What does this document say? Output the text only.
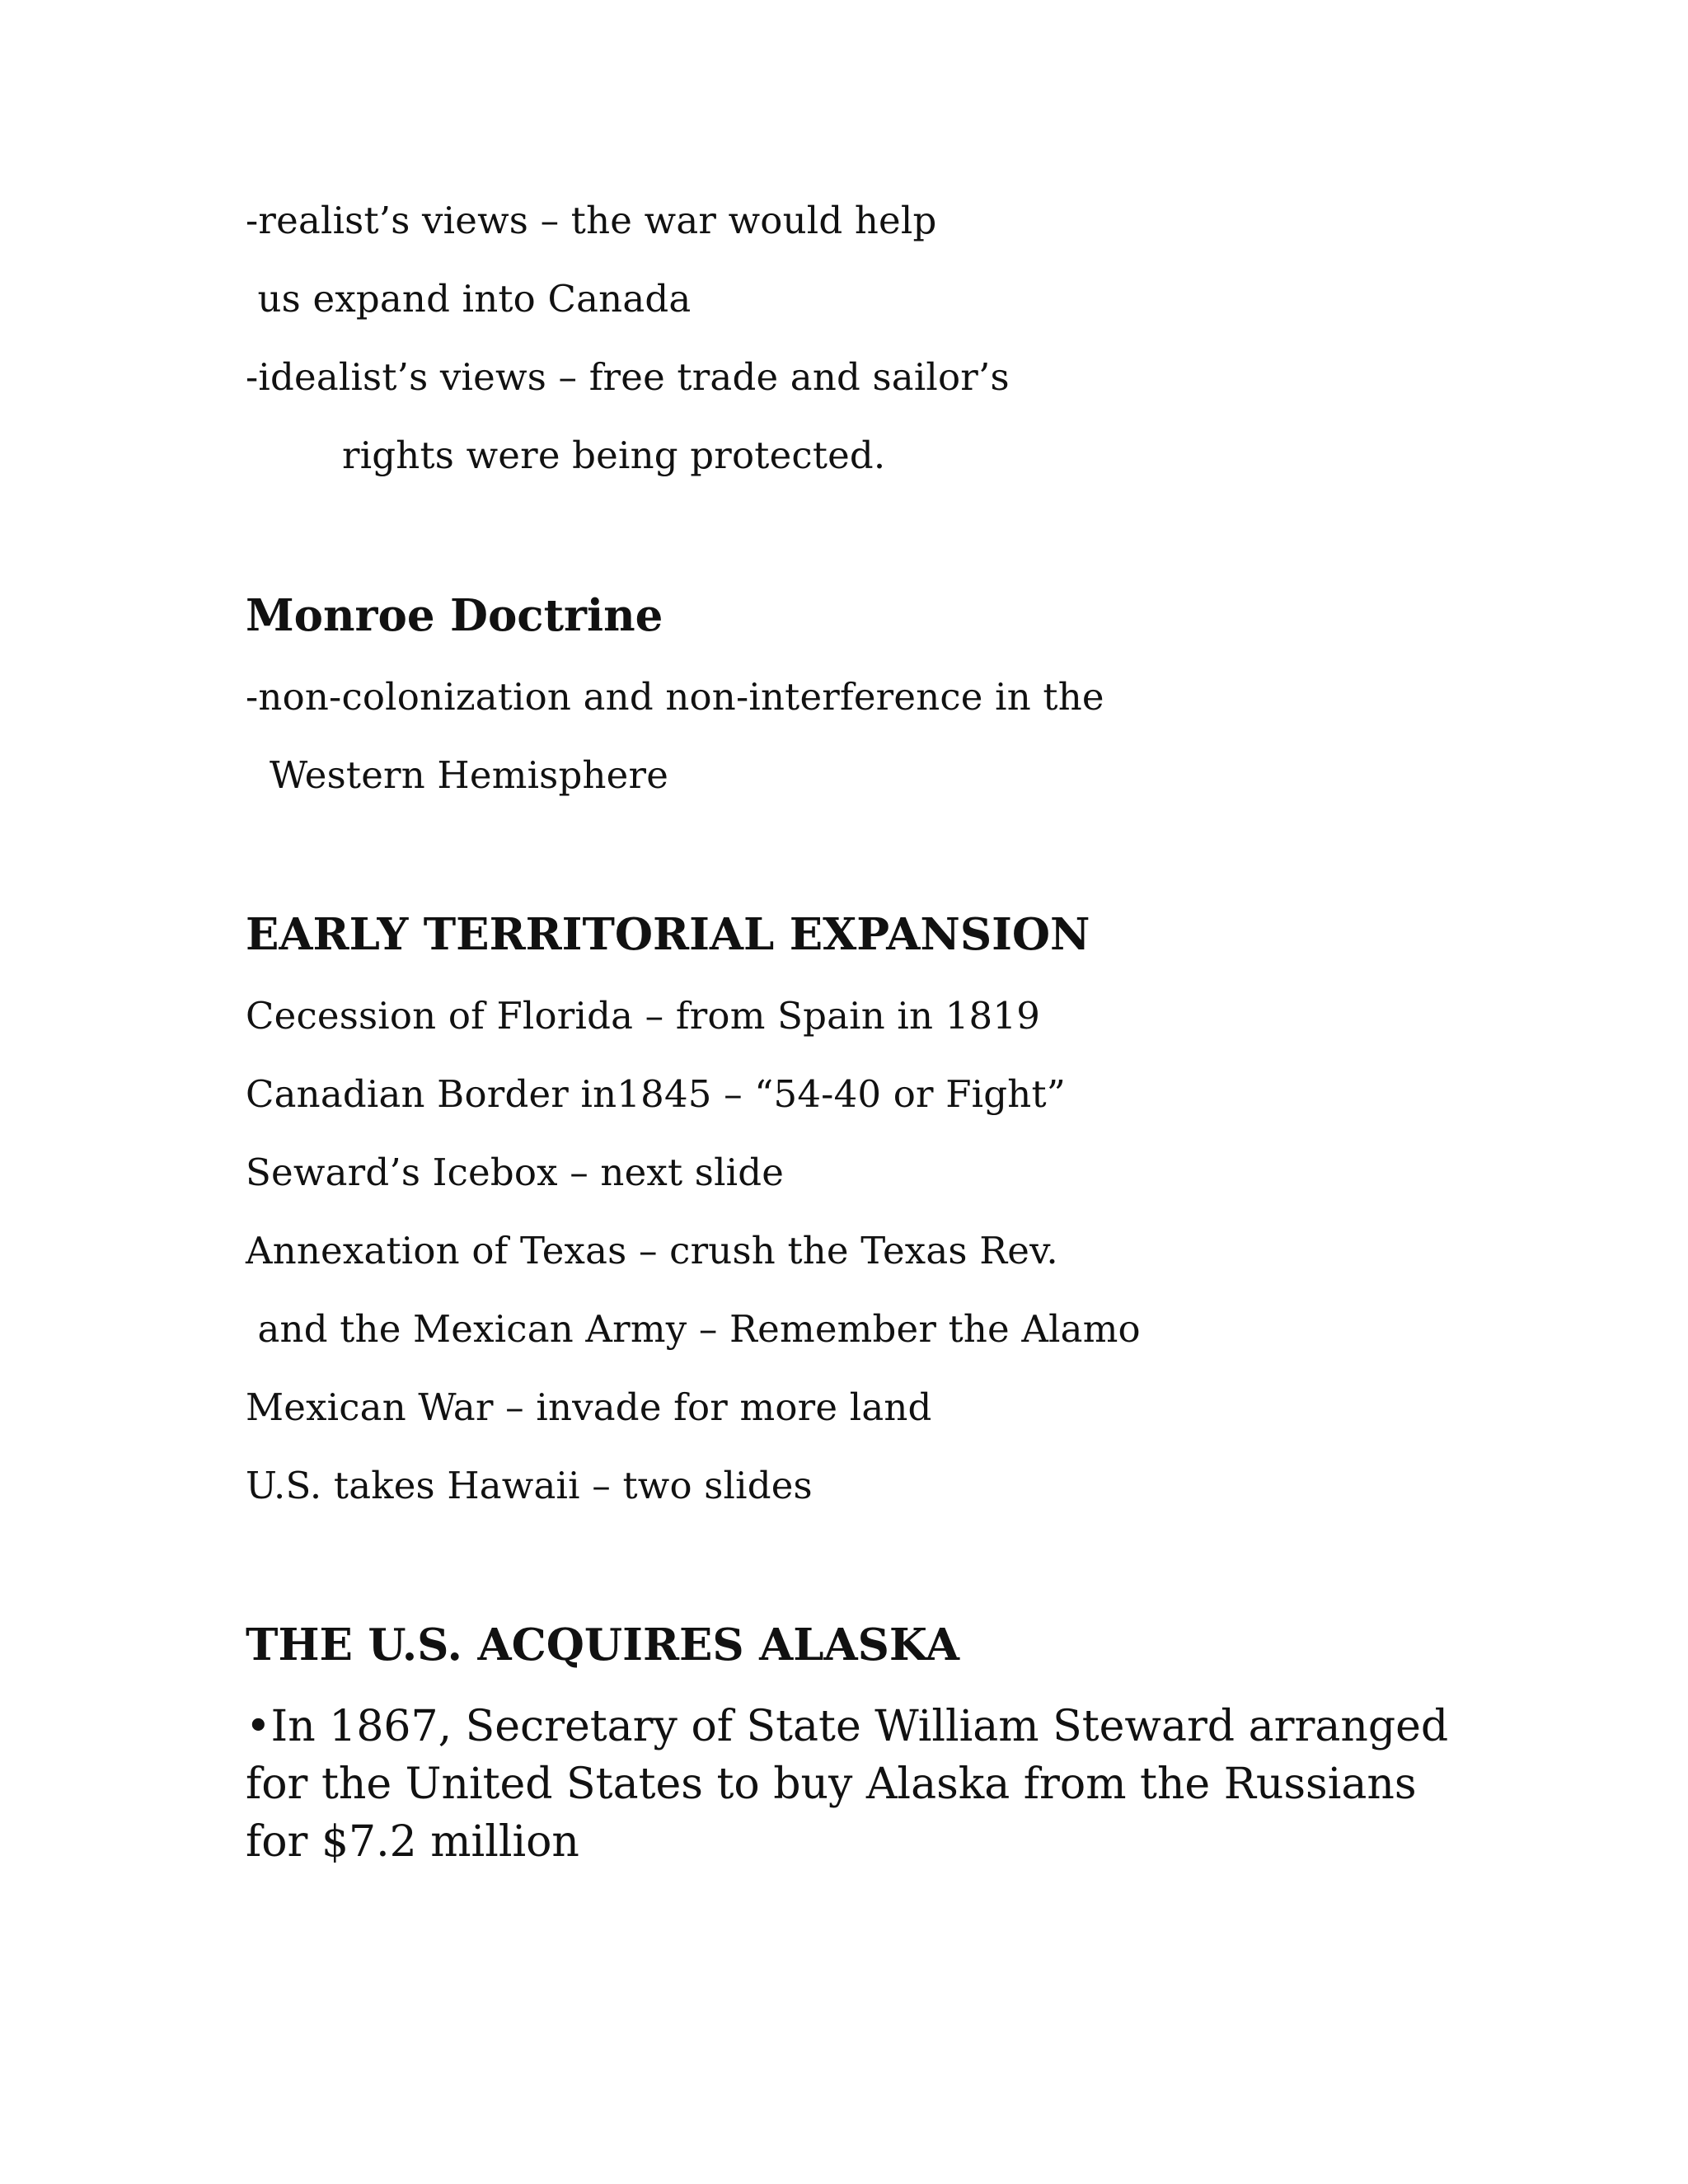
-realist’s views – the war would help
us expand into Canada
-idealist’s views – free trade and sailor’s
rights were being protected.
Monroe Doctrine
-non-colonization and non-interference in the
Western Hemisphere
EARLY TERRITORIAL EXPANSION
Cecession of Florida – from Spain in 1819
Canadian Border in1845 – “54-40 or Fight”
Seward’s Icebox – next slide
Annexation of Texas – crush the Texas Rev.
and the Mexican Army – Remember the Alamo
Mexican War – invade for more land
U.S. takes Hawaii – two slides
THE U.S. ACQUIRES ALASKA
•In 1867, Secretary of State William Steward arranged
for the United States to buy Alaska from the Russians
for $7.2 million
